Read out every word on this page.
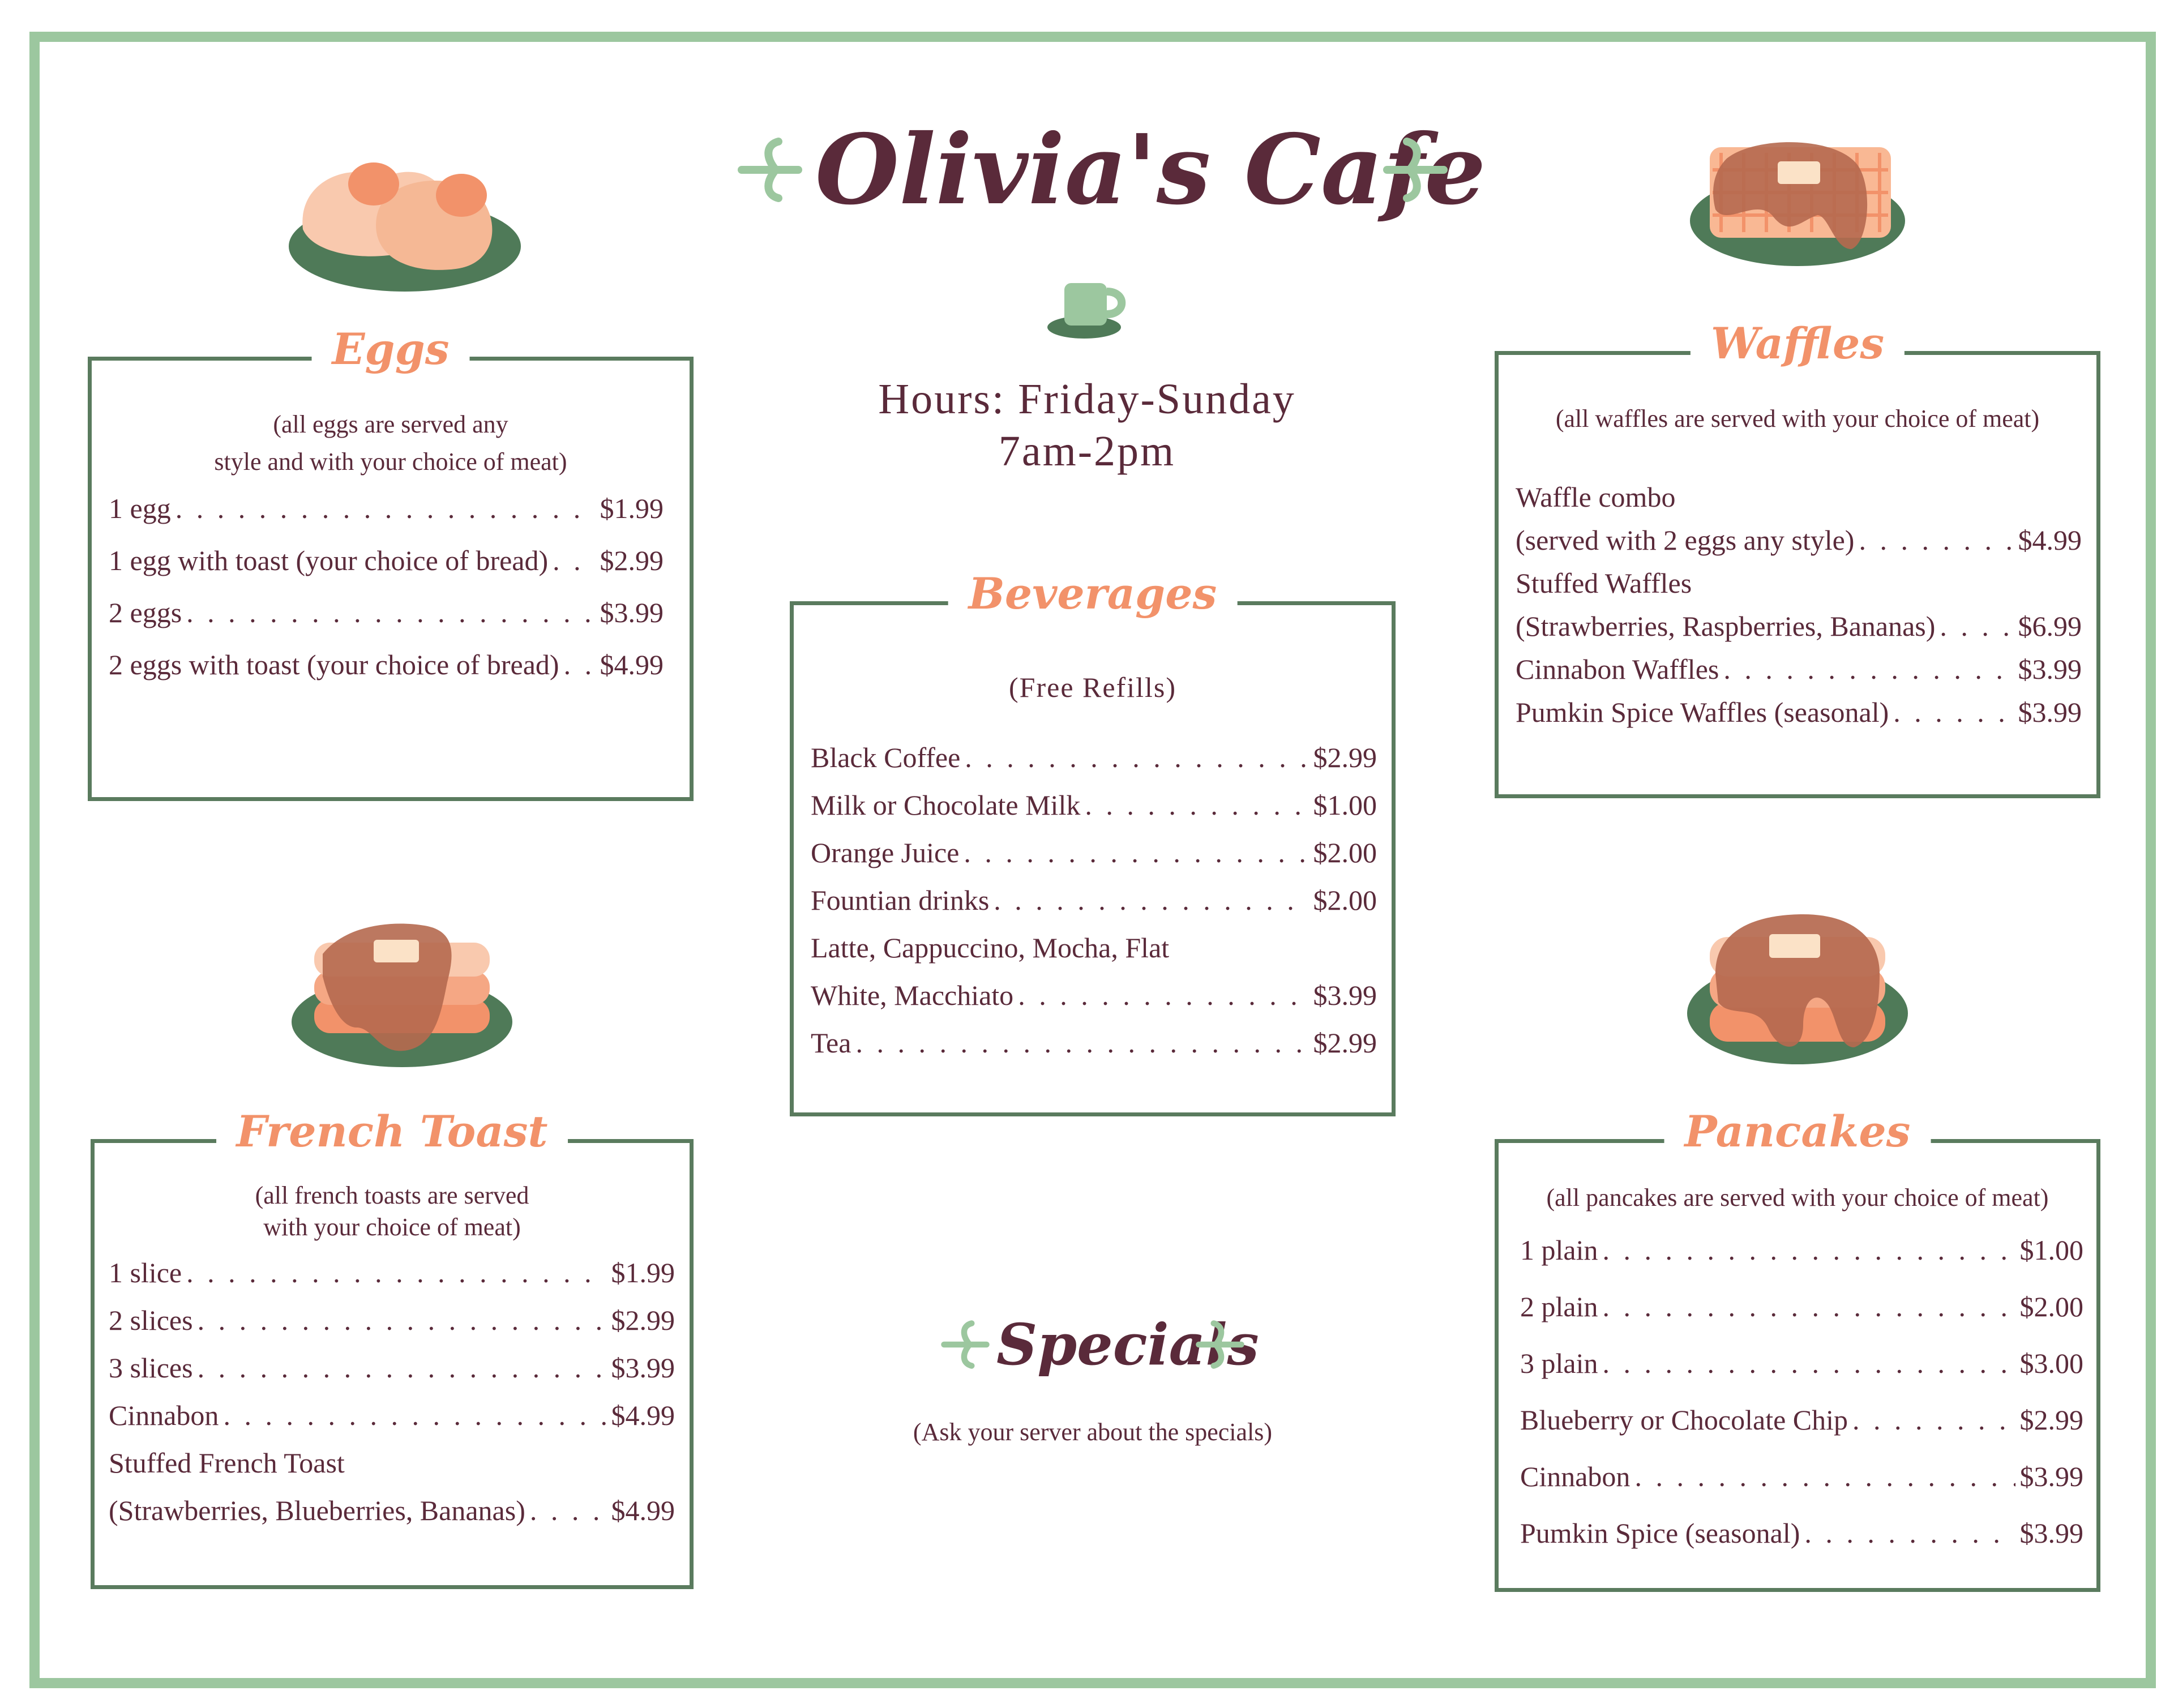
Olivia's Cafe
Hours: Friday-Sunday
7am-2pm
Eggs
(all eggs are served any
style and with your choice of meat)
1 egg . . .	$1.99
1 egg with toast (your choice of bread) . . . $2.99
2 eggs . . .	$3.99
2 eggs with toast (your choice of bread) . . . $4.99
Waffles
(all waffles are served with your choice of meat)
Waffle combo
(served with 2 eggs any style) . . .	$4.99
Stuffed Waffles
(Strawberries, Raspberries, Bananas) . . .	$6.99
Cinnabon Waffles . . .	$3.99
Pumkin Spice Waffles (seasonal) . . .	$3.99
Beverages
(Free Refills)
Black Coffee . . .	$2.99
Milk or Chocolate Milk . . .	$1.00
Orange Juice . . .	$2.00
Fountian drinks . . .	$2.00
Latte, Cappuccino, Mocha, Flat
White, Macchiato . . .	$3.99
Tea . . .	$2.99
French Toast
(all french toasts are served
with your choice of meat)
1 slice . . .	$1.99
2 slices . . .	$2.99
3 slices . . .	$3.99
Cinnabon . . .	$4.99
Stuffed French Toast
(Strawberries, Blueberries, Bananas) . . .	$4.99
Specials
(Ask your server about the specials)
Pancakes
(all pancakes are served with your choice of meat)
1 plain . . .	$1.00
2 plain . . .	$2.00
3 plain . . .	$3.00
Blueberry or Chocolate Chip . . .	$2.99
Cinnabon . . .	$3.99
Pumkin Spice (seasonal) . . .	$3.99
